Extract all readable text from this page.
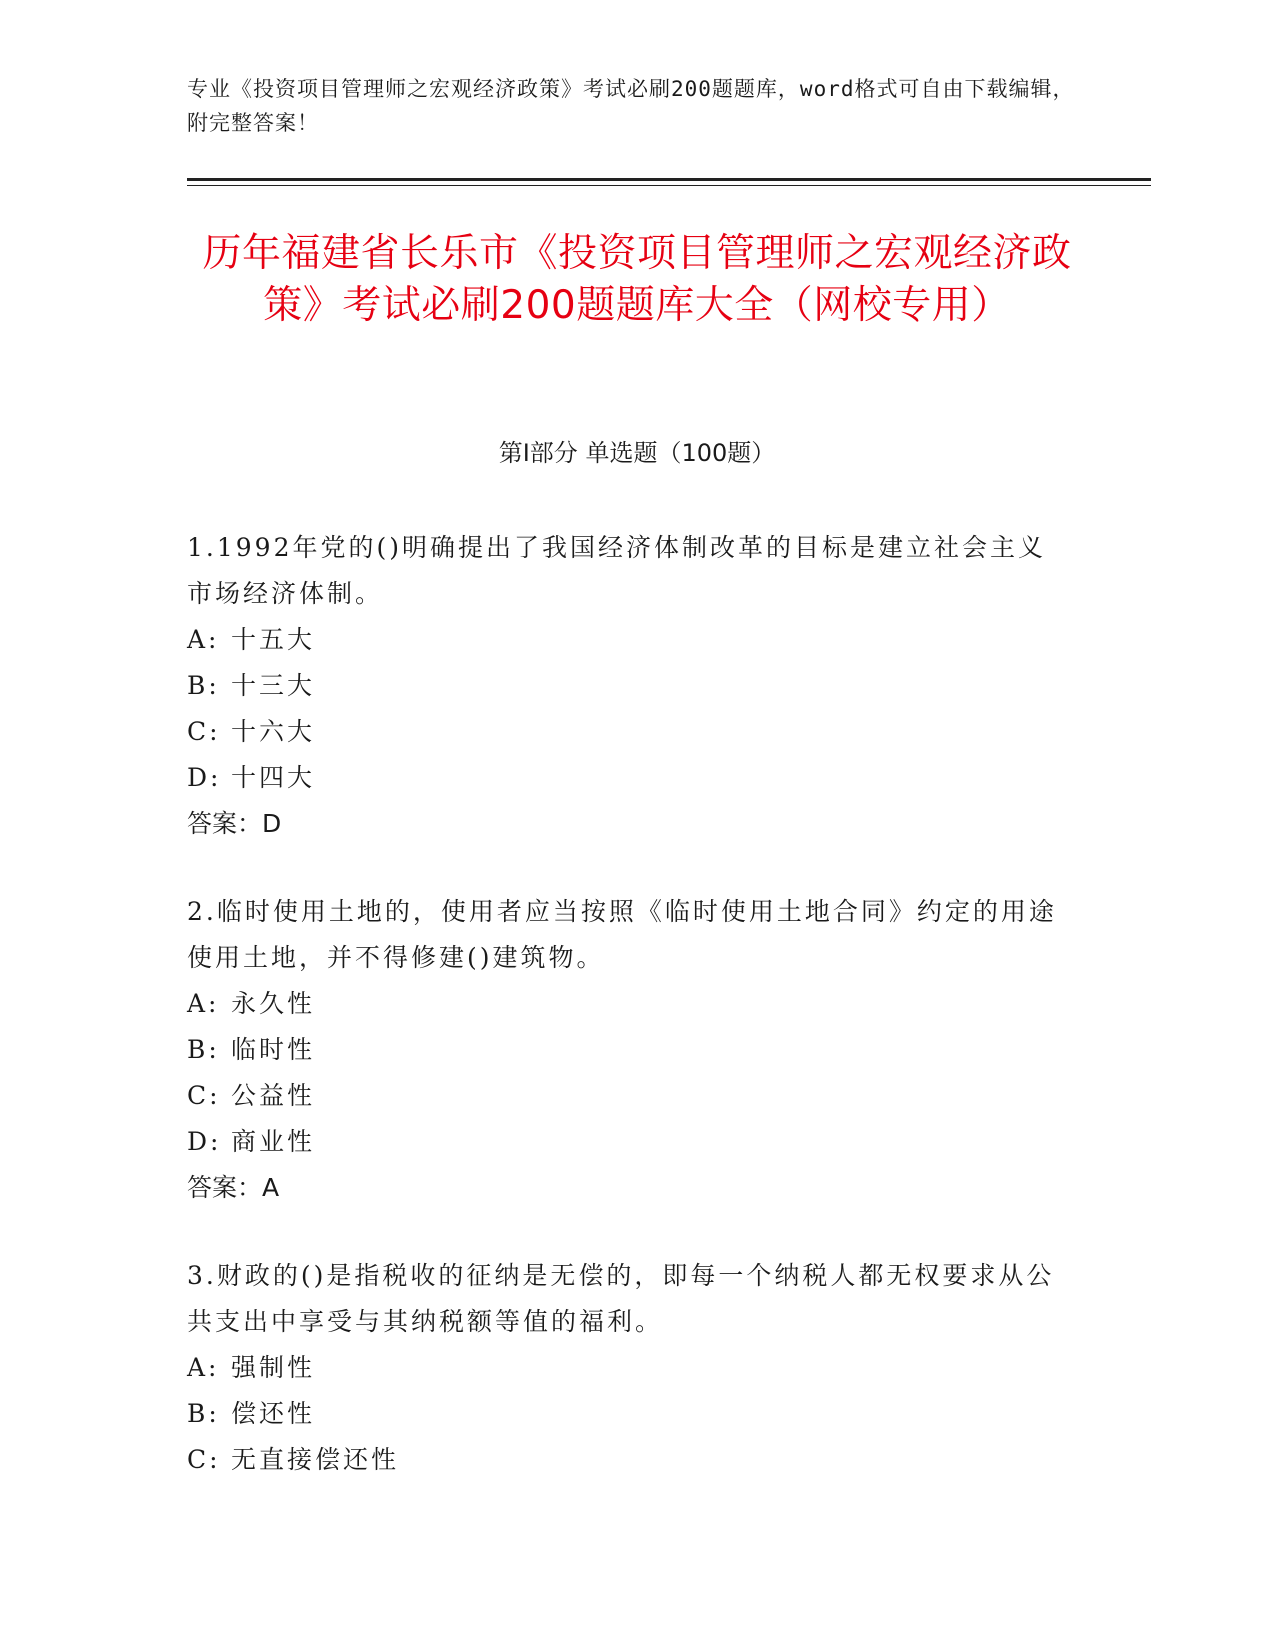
专业《投资项目管理师之宏观经济政策》考试必刷200题题库，word格式可自由下载编辑，附完整答案！
历年福建省长乐市《投资项目管理师之宏观经济政策》考试必刷200题题库大全（网校专用）
第Ⅰ部分 单选题（100题）
1.1992年党的()明确提出了我国经济体制改革的目标是建立社会主义市场经济体制。
A: 十五大
B: 十三大
C: 十六大
D: 十四大
答案：D
2.临时使用土地的，使用者应当按照《临时使用土地合同》约定的用途使用土地，并不得修建()建筑物。
A: 永久性
B: 临时性
C: 公益性
D: 商业性
答案：A
3.财政的()是指税收的征纳是无偿的，即每一个纳税人都无权要求从公共支出中享受与其纳税额等值的福利。
A: 强制性
B: 偿还性
C: 无直接偿还性
